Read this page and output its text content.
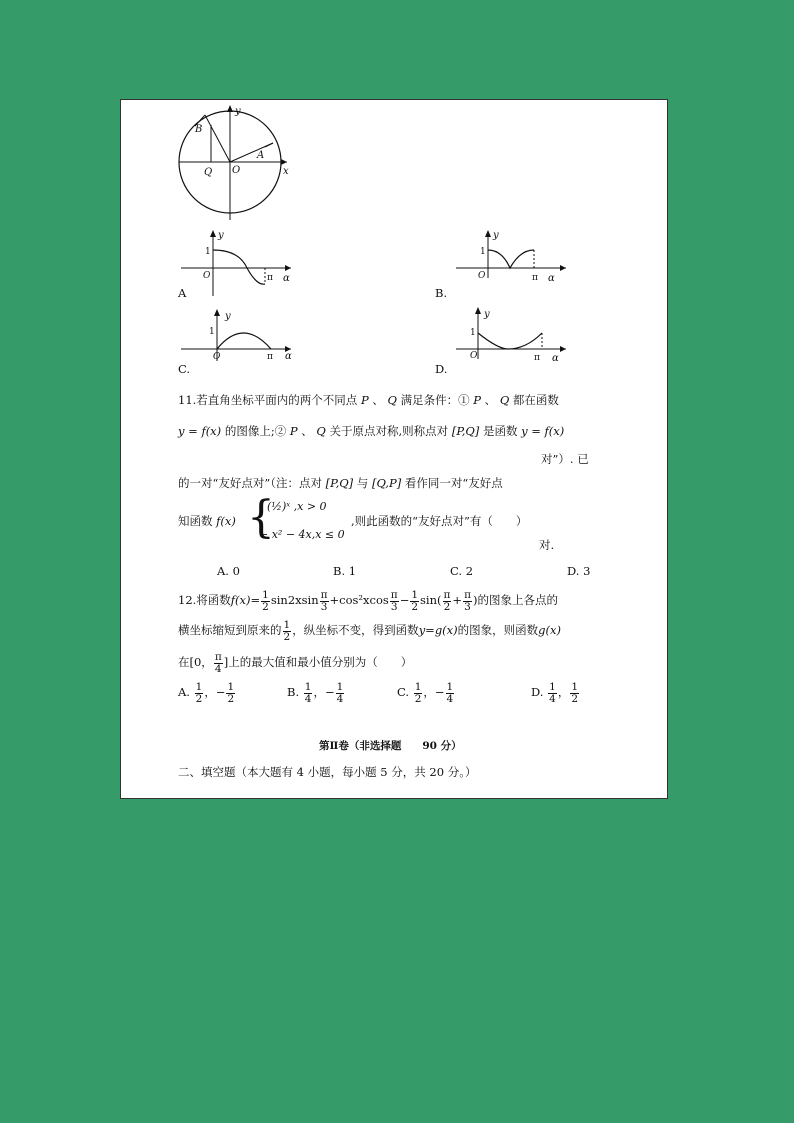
y
x
O
A
B
Q
y
1
O	π α
A
y
1
O	π α
B.
y
1
O	π α
C.
y
1
O	π α
D.
11.若直角坐标平面内的两个不同点 P 、 Q 满足条件：① P 、 Q 都在函数
y = f(x) 的图像上;② P 、 Q 关于原点对称,则称点对 [P,Q] 是函数 y = f(x)
对”）. 已
的一对“友好点对”（注：点对 [P,Q] 与 [Q,P] 看作同一对“友好点
知函数 f(x) {
(½)ˣ ,x > 0
− x² − 4x,x ≤ 0
,则此函数的“友好点对”有（　　）
对.
A. 0	B. 1	C. 2	D. 3
12.将函数$f(x)= \frac{1}{2} \sin 2xsin \frac{\pi}{3} +\cos^2xcos \frac{\pi}{3} - \frac{1}{2} \sin( \frac{\pi}{2} + \frac{\pi}{3}$ )的图象上各点的
横坐标缩短到原来的 $\frac{1}{2}$ ，纵坐标不变，得到函数y=g(x)的图象，则函数g(x)
在[0， $\frac{\pi}{4}$ ]上的最大值和最小值分别为（　　）
A. $\frac{1}{2}$ ，− $\frac{1}{2}$	B. $\frac{1}{4}$ ，− $\frac{1}{4}$	C. $\frac{1}{2}$ ，− $\frac{1}{4}$	D. $\frac{1}{4}$ ， $\frac{1}{2}$
第Ⅱ卷（非选择题　　90 分）
二、填空题（本大题有 4 小题，每小题 5 分，共 20 分。）
